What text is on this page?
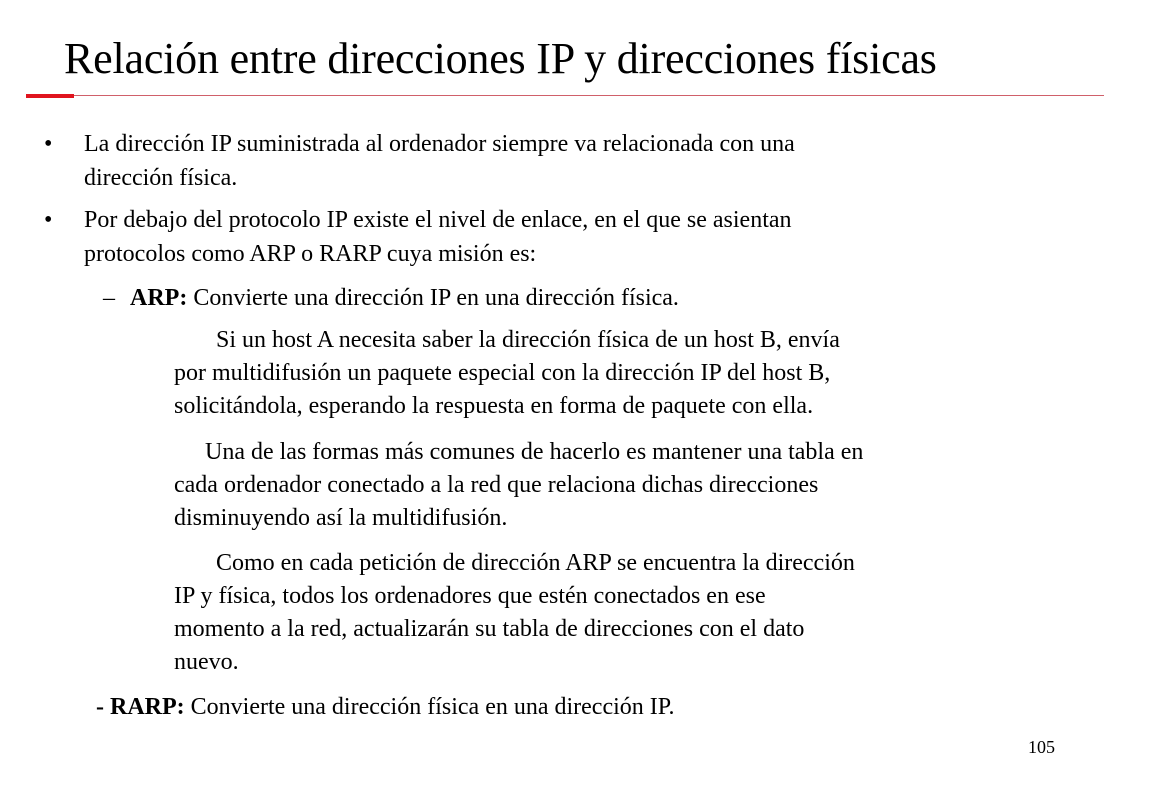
Relación entre direcciones IP y direcciones físicas
• La dirección IP suministrada al ordenador siempre va relacionada con una

dirección física.

• Por debajo del protocolo IP existe el nivel de enlace, en el que se asientan

protocolos como ARP o RARP cuya misión es:

– ARP: Convierte una dirección IP en una dirección física.

Si un host A necesita saber la dirección física de un host B, envía

por multidifusión un paquete especial con la dirección IP del host B,

solicitándola, esperando la respuesta en forma de paquete con ella.

Una de las formas más comunes de hacerlo es mantener una tabla en

cada ordenador conectado a la red que relaciona dichas direcciones

disminuyendo así la multidifusión.

Como en cada petición de dirección ARP se encuentra la dirección

IP y física, todos los ordenadores que estén conectados en ese

momento a la red, actualizarán su tabla de direcciones con el dato

nuevo.

- RARP: Convierte una dirección física en una dirección IP.

105
